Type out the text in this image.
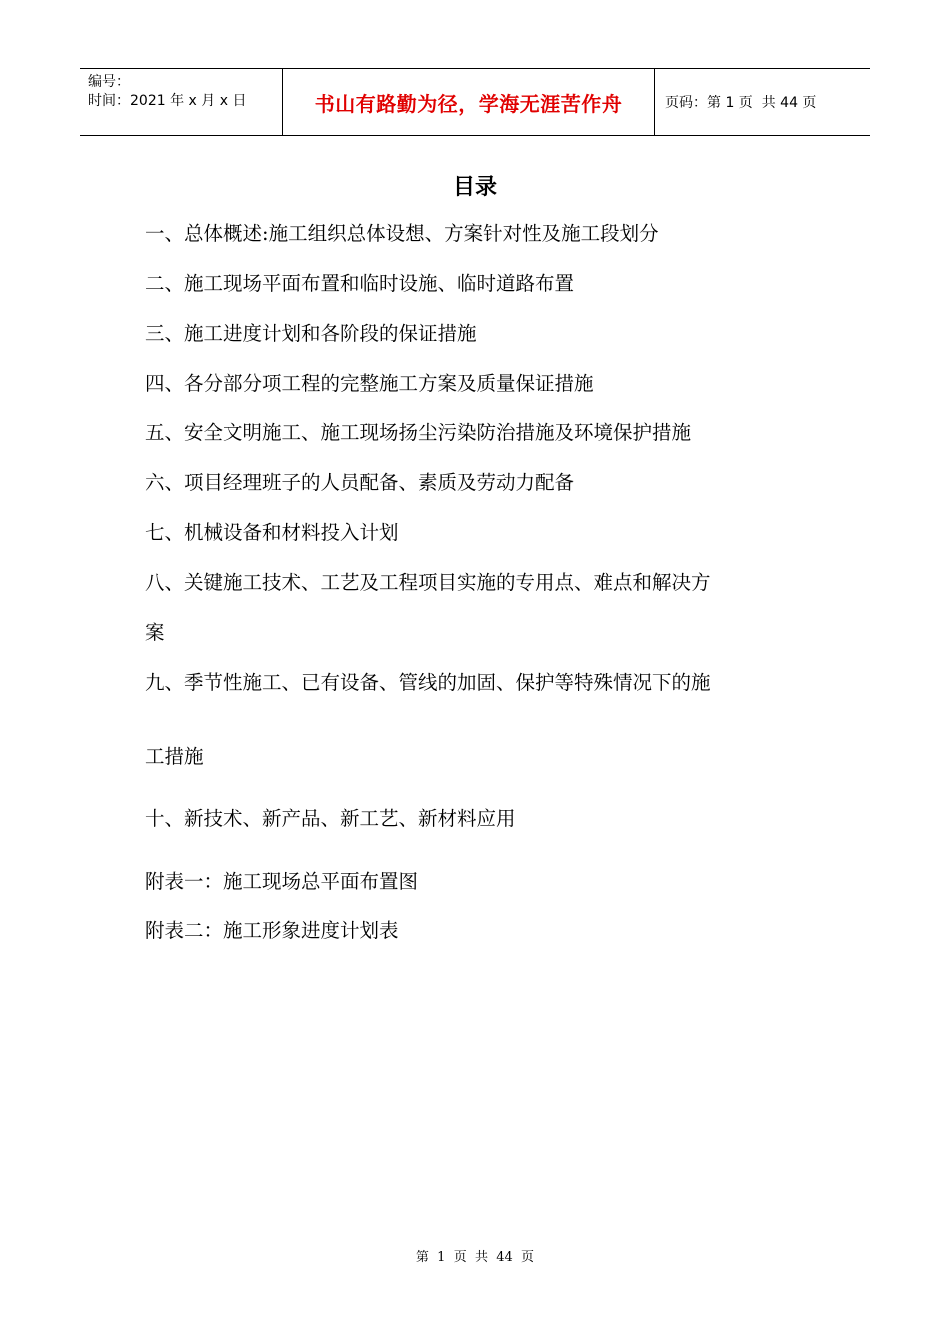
编号：
时间：2021 年 x 月 x 日	书山有路勤为径，学海无涯苦作舟	页码：第 1 页  共 44 页
目录
一、总体概述:施工组织总体设想、方案针对性及施工段划分
二、施工现场平面布置和临时设施、临时道路布置
三、施工进度计划和各阶段的保证措施
四、各分部分项工程的完整施工方案及质量保证措施
五、安全文明施工、施工现场扬尘污染防治措施及环境保护措施
六、项目经理班子的人员配备、素质及劳动力配备
七、机械设备和材料投入计划
八、关键施工技术、工艺及工程项目实施的专用点、难点和解决方
案
九、季节性施工、已有设备、管线的加固、保护等特殊情况下的施
工措施
十、新技术、新产品、新工艺、新材料应用
附表一：施工现场总平面布置图
附表二：施工形象进度计划表
第  1  页  共  44  页
